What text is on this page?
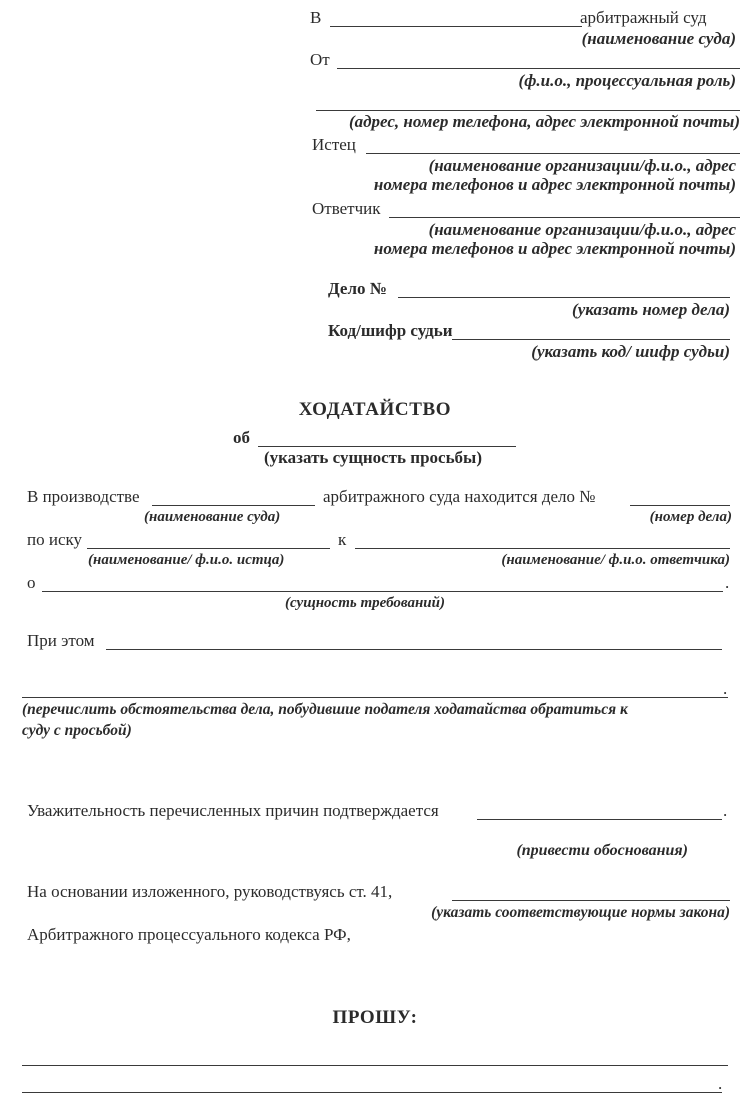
В	арбитражный суд
(наименование суда)
От
(ф.и.о., процессуальная роль)
(адрес, номер телефона, адрес электронной почты)
Истец
(наименование организации/ф.и.о., адрес
номера телефонов и адрес электронной почты)
Ответчик
(наименование организации/ф.и.о., адрес
номера телефонов и адрес электронной почты)
Дело №
(указать номер дела)
Код/шифр судьи
(указать код/ шифр судьи)
ХОДАТАЙСТВО
об
(указать сущность просьбы)
В производстве	арбитражного суда находится дело №
(наименование суда)	(номер дела)
по иску	к
(наименование/ ф.и.о. истца)	(наименование/ ф.и.о. ответчика)
о	.
(сущность требований)
При этом
.
(перечислить обстоятельства дела, побудившие подателя ходатайства обратиться к
суду с просьбой)
Уважительность перечисленных причин подтверждается	.
(привести обоснования)
На основании изложенного, руководствуясь ст. 41,
(указать соответствующие нормы закона)
Арбитражного процессуального кодекса РФ,
ПРОШУ:
.
